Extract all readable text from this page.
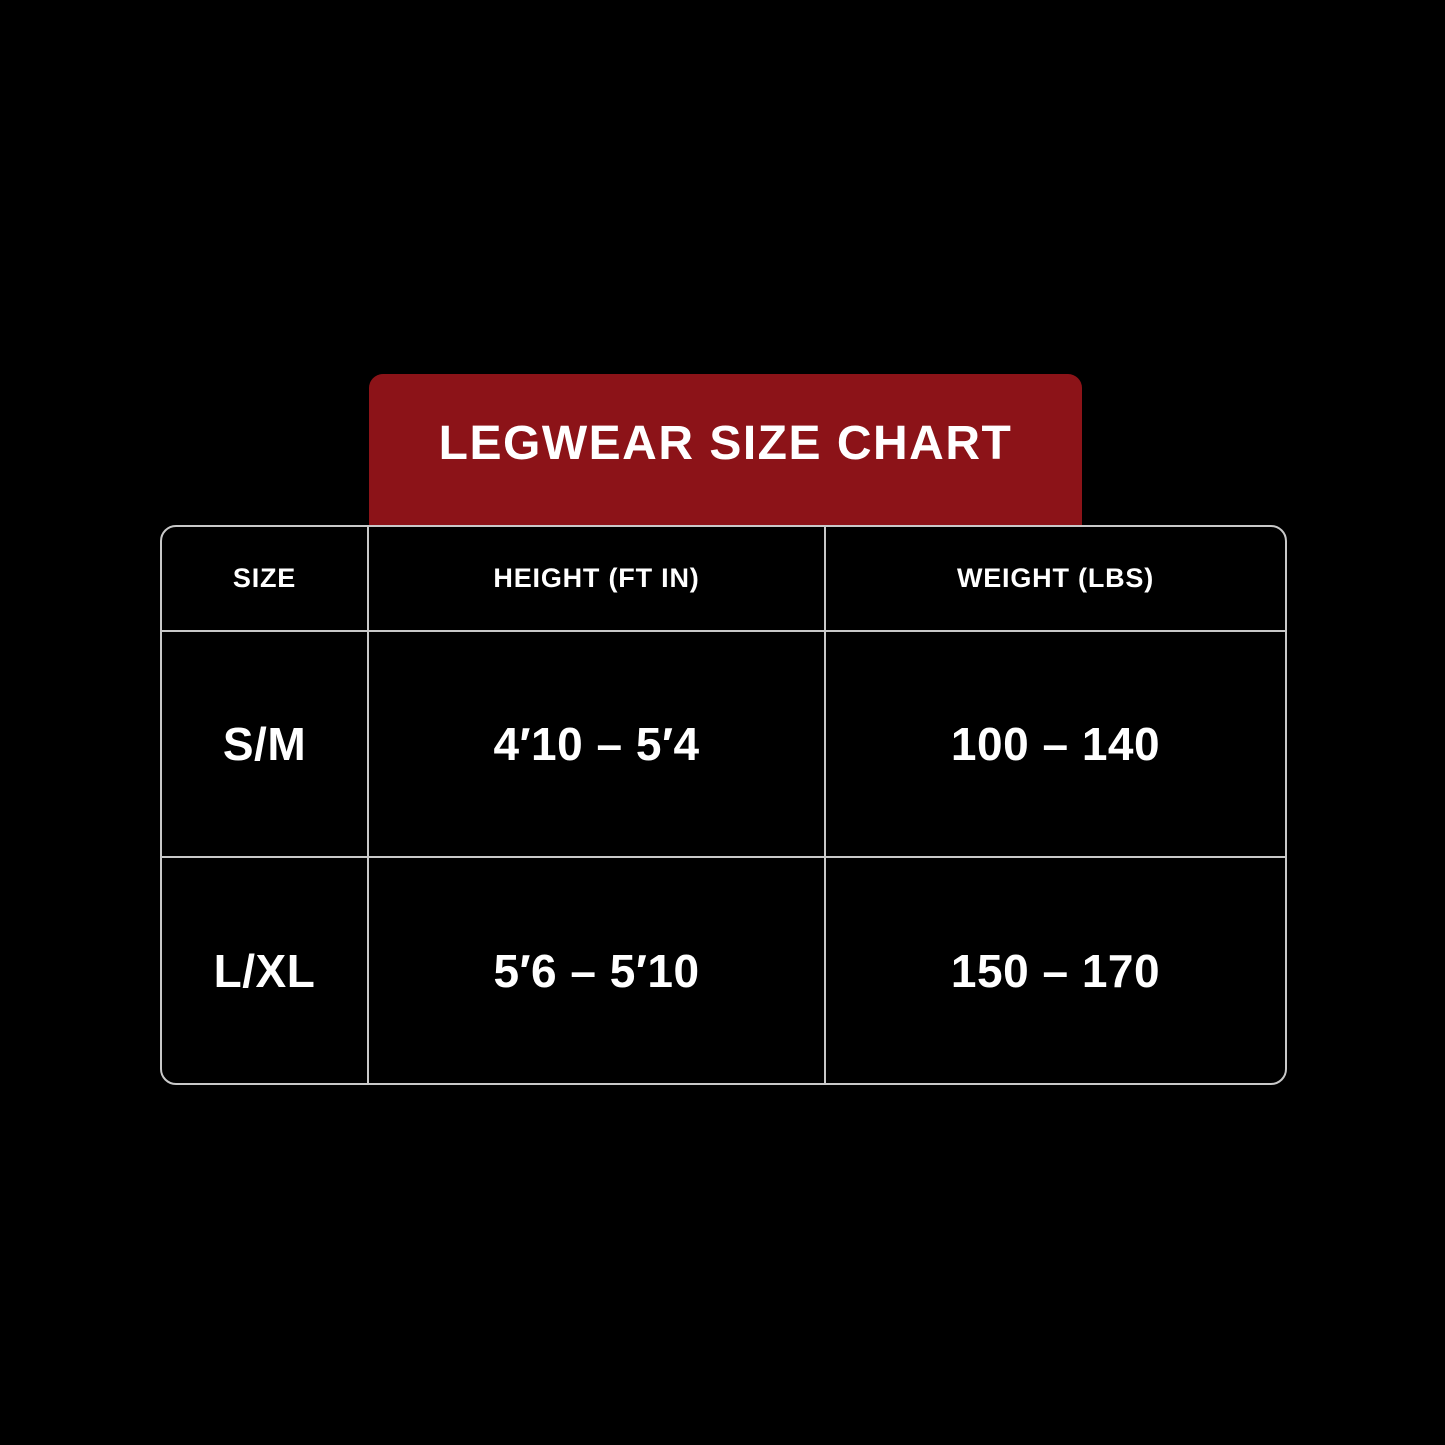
LEGWEAR SIZE CHART
SIZE	HEIGHT (FT IN)	WEIGHT (LBS)
S/M	4′10 – 5′4	100 – 140
L/XL	5′6 – 5′10	150 – 170
